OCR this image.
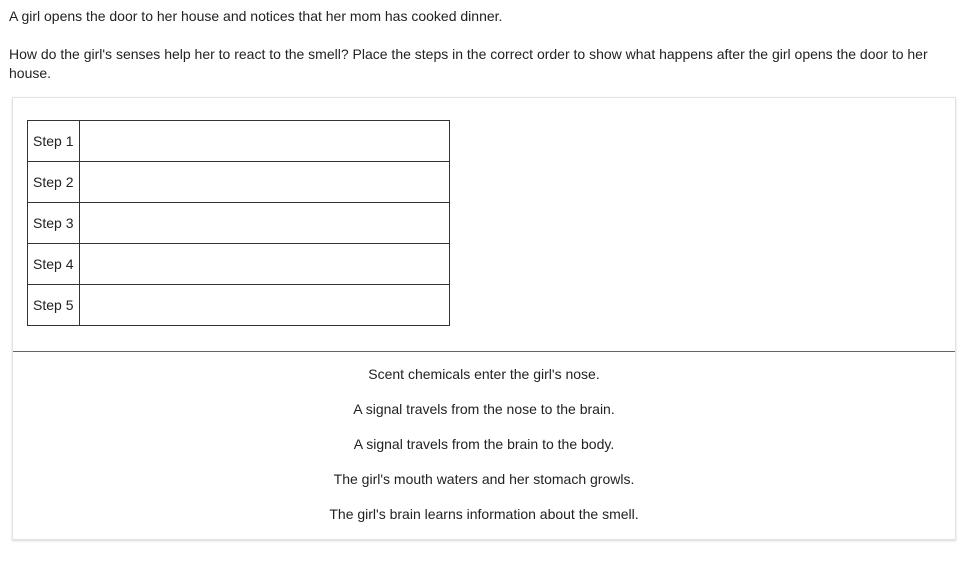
A girl opens the door to her house and notices that her mom has cooked dinner.

How do the girl's senses help her to react to the smell? Place the steps in the correct order to show what happens after the girl opens the door to her house.

Step 1	
Step 2	
Step 3	
Step 4	
Step 5	
Scent chemicals enter the girl's nose.
A signal travels from the nose to the brain.
A signal travels from the brain to the body.
The girl's mouth waters and her stomach growls.
The girl's brain learns information about the smell.
